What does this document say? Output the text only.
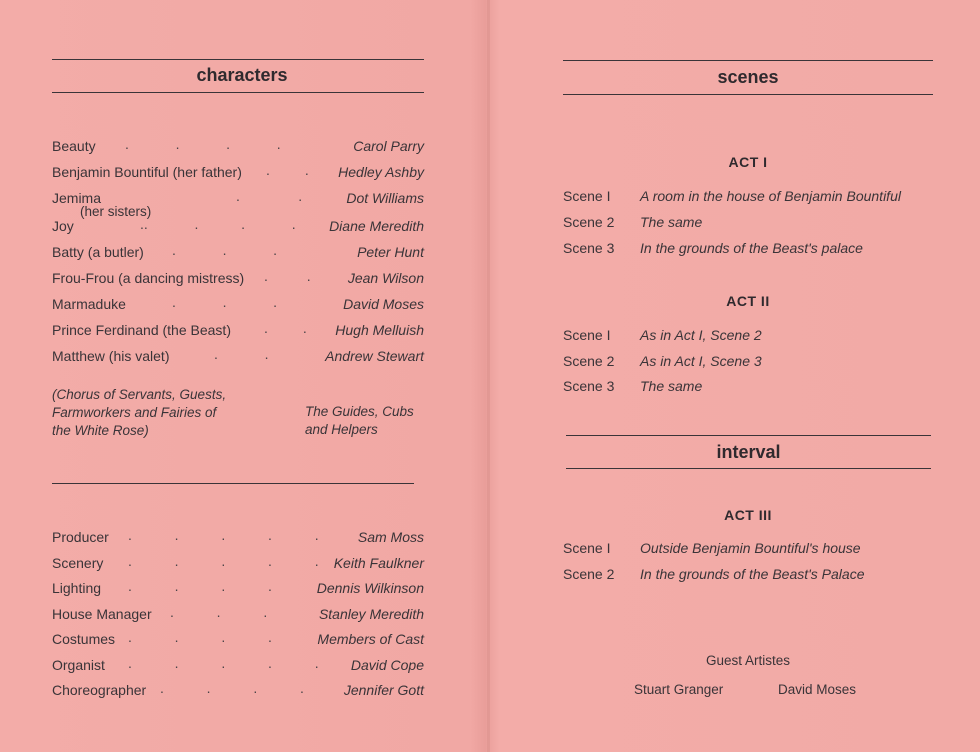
characters
Beauty .            .            .            .	Carol Parry
Benjamin Bountiful (her father) .         . Hedley Ashby
Jemima	.               .	Dot Williams
(her sisters)
Joy	..            .           .            . Diane Meredith
Batty (a butler) .            .            .	Peter Hunt
Frou-Frou (a dancing mistress) .          .	Jean Wilson
Marmaduke	.            .            .	David Moses
Prince Ferdinand (the Beast) .         . Hugh Melluish
Matthew (his valet)	.            .	Andrew Stewart
(Chorus of Servants, Guests,
Farmworkers and Fairies of
the White Rose)
The Guides, Cubs
and Helpers
Producer .           .           .           .           .	Sam Moss
Scenery .           .           .           .           . Keith Faulkner
Lighting .           .           .           .	Dennis Wilkinson
House Manager .           .           .	Stanley Meredith
Costumes .           .           .           .	Members of Cast
Organist .           .           .           .           . David Cope
Choreographer .           .           .           .	Jennifer Gott
scenes
ACT I
Scene I A room in the house of Benjamin Bountiful
Scene 2 The same
Scene 3 In the grounds of the Beast's palace
ACT II
Scene I As in Act I, Scene 2
Scene 2 As in Act I, Scene 3
Scene 3 The same
interval
ACT III
Scene I Outside Benjamin Bountiful's house
Scene 2 In the grounds of the Beast's Palace
Guest Artistes
Stuart Granger	David Moses
